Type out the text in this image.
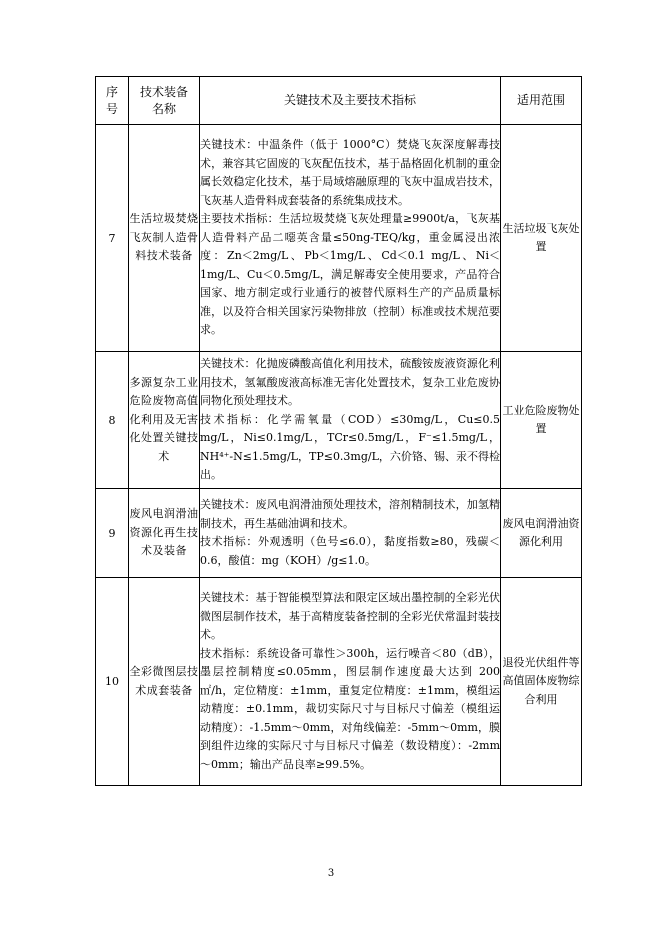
序号	技术装备名称	关键技术及主要技术指标	适用范围
7	生活垃圾焚烧飞灰制人造骨料技术装备	关键技术：中温条件（低于 1000°C）焚烧飞灰深度解毒技术，兼容其它固废的飞灰配伍技术，基于晶格固化机制的重金属长效稳定化技术，基于局域熔融原理的飞灰中温成岩技术，飞灰基人造骨料成套装备的系统集成技术。
主要技术指标：生活垃圾焚烧飞灰处理量≥9900t/a，飞灰基人造骨料产品二噁英含量≤50ng-TEQ/kg，重金属浸出浓度：Zn＜2mg/L、Pb＜1mg/L、Cd＜0.1 mg/L、Ni＜1mg/L、Cu＜0.5mg/L，满足解毒安全使用要求，产品符合国家、地方制定或行业通行的被替代原料生产的产品质量标准，以及符合相关国家污染物排放（控制）标准或技术规范要求。	生活垃圾飞灰处置
8	多源复杂工业危险废物高值化利用及无害化处置关键技术	关键技术：化抛废磷酸高值化利用技术，硫酸铵废液资源化利用技术，氢氟酸废液高标准无害化处置技术，复杂工业危废协同物化预处理技术。
技术指标：化学需氧量（COD）≤30mg/L，Cu≤0.5 mg/L，Ni≤0.1mg/L，TCr≤0.5mg/L，F⁻≤1.5mg/L，NH⁴⁺-N≤1.5mg/L，TP≤0.3mg/L，六价铬、锡、汞不得检出。	工业危险废物处置
9	废风电润滑油资源化再生技术及装备	关键技术：废风电润滑油预处理技术，溶剂精制技术，加氢精制技术，再生基础油调和技术。
技术指标：外观透明（色号≤6.0），黏度指数≥80，残碳＜0.6，酸值：mg（KOH）/g≤1.0。	废风电润滑油资源化利用
10	全彩微图层技术成套装备	关键技术：基于智能模型算法和限定区域出墨控制的全彩光伏微图层制作技术，基于高精度装备控制的全彩光伏常温封装技术。
技术指标：系统设备可靠性＞300h，运行噪音＜80（dB），墨层控制精度≤0.05mm，图层制作速度最大达到 200 ㎡/h，定位精度：±1mm，重复定位精度：±1mm，模组运动精度：±0.1mm，裁切实际尺寸与目标尺寸偏差（模组运动精度）：-1.5mm～0mm，对角线偏差：-5mm～0mm，膜到组件边缘的实际尺寸与目标尺寸偏差（数设精度）：-2mm～0mm；输出产品良率≥99.5%。	退役光伏组件等高值固体废物综合利用
3
